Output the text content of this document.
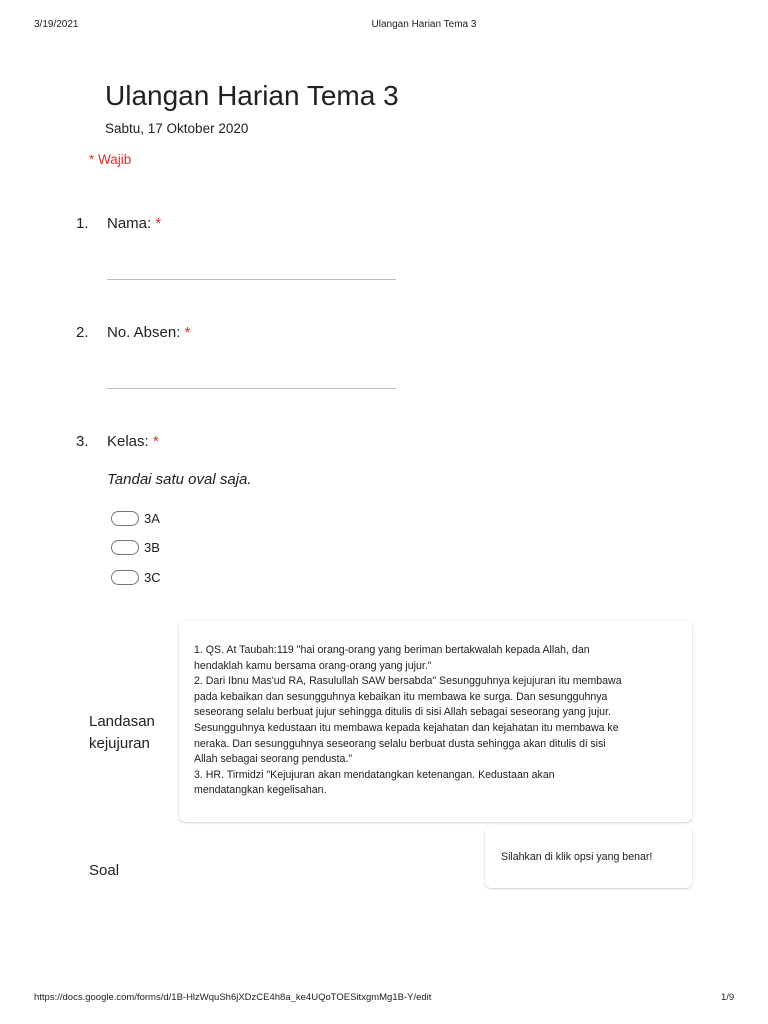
3/19/2021	Ulangan Harian Tema 3
Ulangan Harian Tema 3
Sabtu, 17 Oktober 2020
* Wajib
1. Nama: *
2. No. Absen: *
3. Kelas: *
Tandai satu oval saja.
3A
3B
3C
Landasan
kejujuran
1. QS. At Taubah:119 "hai orang-orang yang beriman bertakwalah kepada Allah, dan
hendaklah kamu bersama orang-orang yang jujur."
2. Dari Ibnu Mas'ud RA, Rasulullah SAW bersabda" Sesungguhnya kejujuran itu membawa
pada kebaikan dan sesungguhnya kebaikan itu membawa ke surga. Dan sesungguhnya
seseorang selalu berbuat jujur sehingga ditulis di sisi Allah sebagai seseorang yang jujur.
Sesungguhnya kedustaan itu membawa kepada kejahatan dan kejahatan itu membawa ke
neraka. Dan sesungguhnya seseorang selalu berbuat dusta sehingga akan ditulis di sisi
Allah sebagai seorang pendusta."
3. HR. Tirmidzi "Kejujuran akan mendatangkan ketenangan. Kedustaan akan
mendatangkan kegelisahan.
Soal
Silahkan di klik opsi yang benar!
https://docs.google.com/forms/d/1B-HlzWquSh6jXDzCE4h8a_ke4UQoTOESitxgmMg1B-Y/edit	1/9
